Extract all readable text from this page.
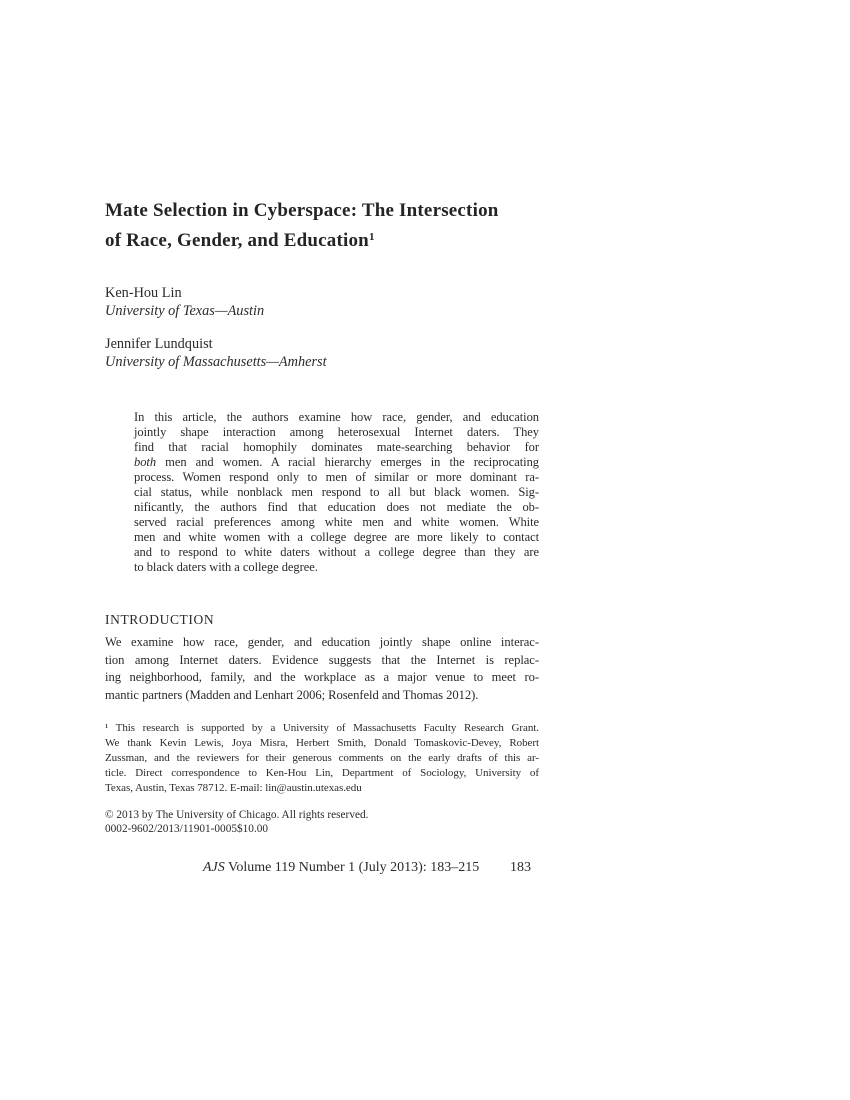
Mate Selection in Cyberspace: The Intersection
of Race, Gender, and Education$^1$
Ken-Hou Lin
University of Texas—Austin
Jennifer Lundquist
University of Massachusetts—Amherst
In this article, the authors examine how race, gender, and education
jointly shape interaction among heterosexual Internet daters. They
find that racial homophily dominates mate-searching behavior for
both men and women. A racial hierarchy emerges in the reciprocating
process. Women respond only to men of similar or more dominant ra-
cial status, while nonblack men respond to all but black women. Sig-
nificantly, the authors find that education does not mediate the ob-
served racial preferences among white men and white women. White
men and white women with a college degree are more likely to contact
and to respond to white daters without a college degree than they are
to black daters with a college degree.
INTRODUCTION
We examine how race, gender, and education jointly shape online interac-
tion among Internet daters. Evidence suggests that the Internet is replac-
ing neighborhood, family, and the workplace as a major venue to meet ro-
mantic partners (Madden and Lenhart 2006; Rosenfeld and Thomas 2012).
¹ This research is supported by a University of Massachusetts Faculty Research Grant.
We thank Kevin Lewis, Joya Misra, Herbert Smith, Donald Tomaskovic-Devey, Robert
Zussman, and the reviewers for their generous comments on the early drafts of this ar-
ticle. Direct correspondence to Ken-Hou Lin, Department of Sociology, University of
Texas, Austin, Texas 78712. E-mail: lin@austin.utexas.edu
© 2013 by The University of Chicago. All rights reserved.
0002-9602/2013/11901-0005$10.00
AJS Volume 119 Number 1 (July 2013): 183–215 183
